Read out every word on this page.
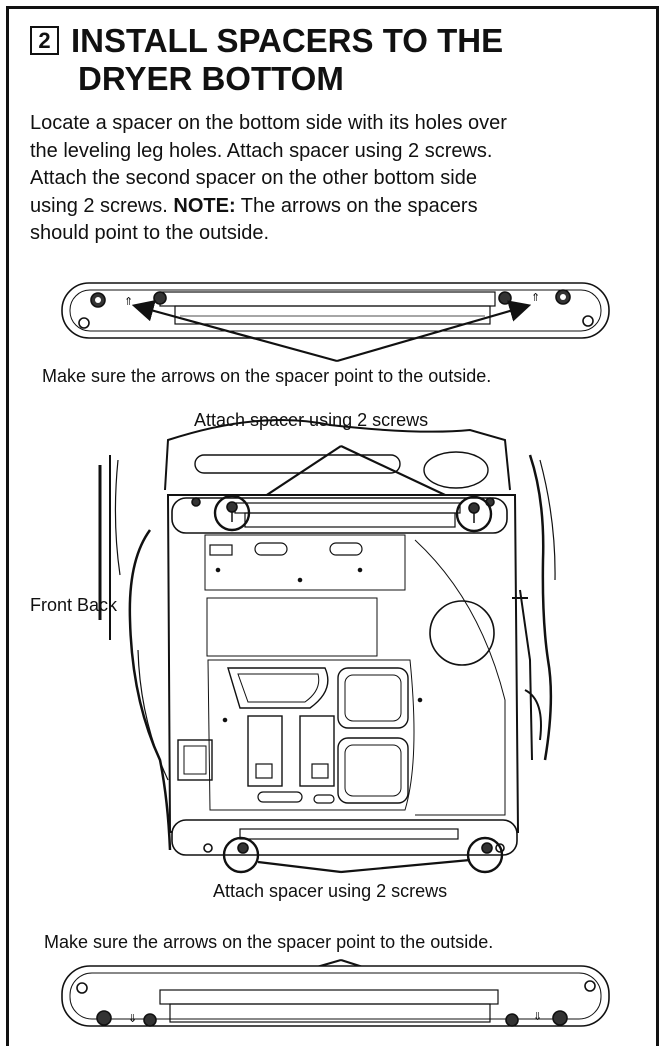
2 INSTALL SPACERS TO THE
DRYER BOTTOM
Locate a spacer on the bottom side with its holes over
the leveling leg holes. Attach spacer using 2 screws.
Attach the second spacer on the other bottom side
using 2 screws. NOTE: The arrows on the spacers
should point to the outside.
⇑	⇑
⇓	⇓
Make sure the arrows on the spacer point to the outside.
Attach spacer using 2 screws
Front Back
Attach spacer using 2 screws
Make sure the arrows on the spacer point to the outside.
